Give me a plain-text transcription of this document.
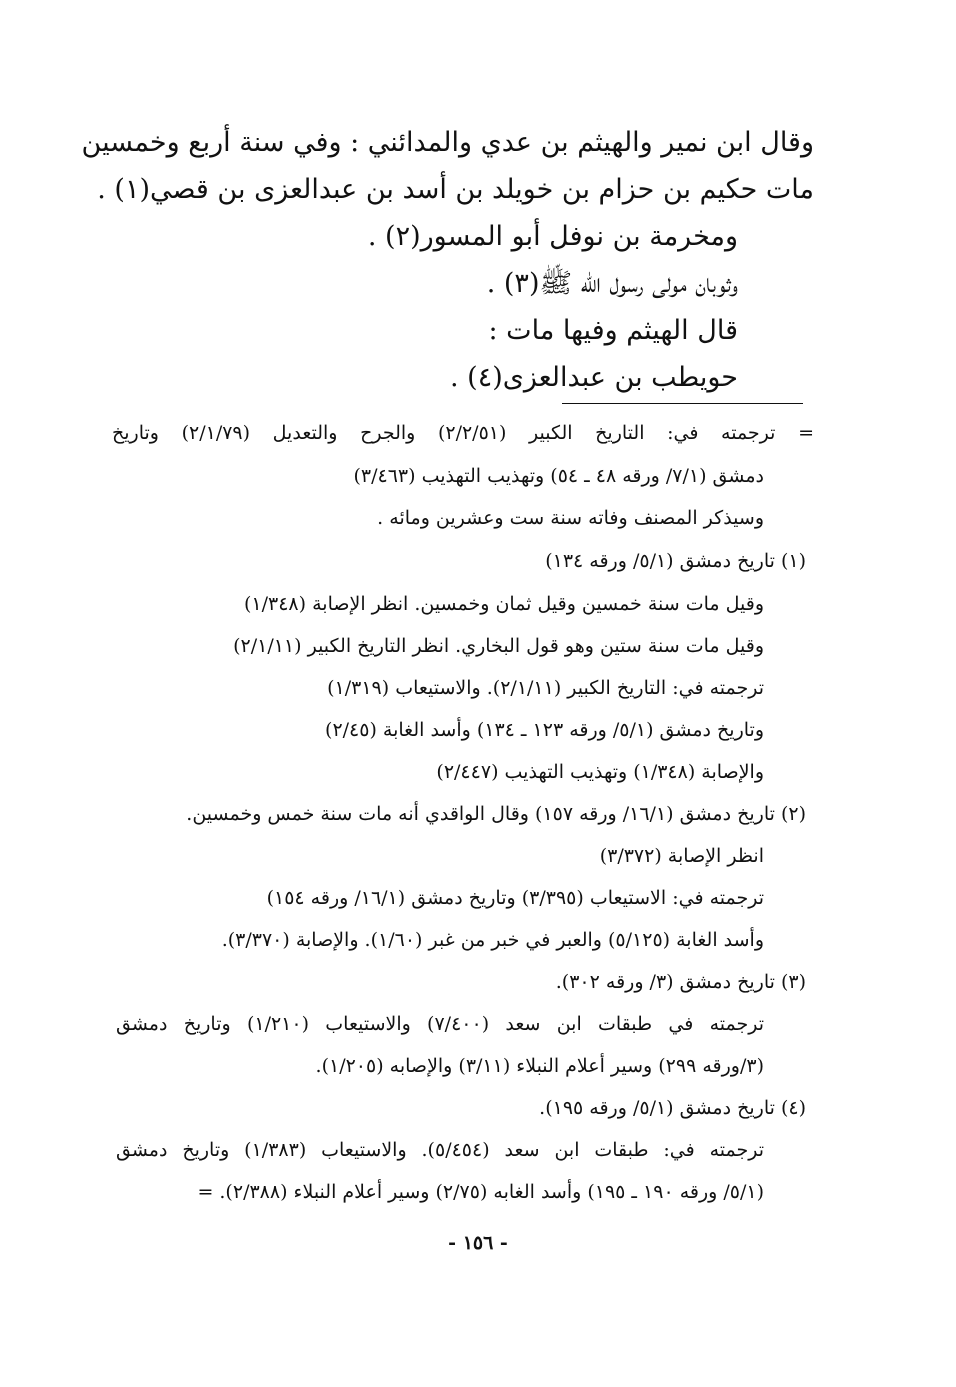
وقال ابن نمير والهيثم بن عدي والمدائني : وفي سنة أربع وخمسين
مات حكيم بن حزام بن خويلد بن أسد بن عبدالعزى بن قصي(١) .
ومخرمة بن نوفل أبو المسور(٢) .
وثوبان مولى رسول الله ﷺ(٣) .
قال الهيثم وفيها مات :
حويطب بن عبدالعزى(٤) .
= ترجمته في: التاريخ الكبير (٢/٢/٥١) والجرح والتعديل (٢/١/٧٩) وتاريخ
دمشق (٧/١/ ورقه ٤٨ ـ ٥٤) وتهذيب التهذيب (٣/٤٦٣)
وسيذكر المصنف وفاته سنة ست وعشرين ومائه .
(١) تاريخ دمشق (٥/١/ ورقه ١٣٤)
وقيل مات سنة خمسين وقيل ثمان وخمسين. انظر الإصابة (١/٣٤٨)
وقيل مات سنة ستين وهو قول البخاري. انظر التاريخ الكبير (٢/١/١١)
ترجمته في: التاريخ الكبير (٢/١/١١). والاستيعاب (١/٣١٩)
وتاريخ دمشق (٥/١/ ورقه ١٢٣ ـ ١٣٤) وأسد الغابة (٢/٤٥)
والإصابة (١/٣٤٨) وتهذيب التهذيب (٢/٤٤٧)
(٢) تاريخ دمشق (١٦/١/ ورقه ١٥٧) وقال الواقدي أنه مات سنة خمس وخمسين.
انظر الإصابة (٣/٣٧٢)
ترجمته في: الاستيعاب (٣/٣٩٥) وتاريخ دمشق (١٦/١/ ورقه ١٥٤)
وأسد الغابة (٥/١٢٥) والعبر في خبر من غبر (١/٦٠). والإصابة (٣/٣٧٠).
(٣) تاريخ دمشق (٣/ ورقه ٣٠٢).
ترجمته في طبقات ابن سعد (٧/٤٠٠) والاستيعاب (١/٢١٠) وتاريخ دمشق
(٣/ورقه ٢٩٩) وسير أعلام النبلاء (٣/١١) والإصابه (١/٢٠٥).
(٤) تاريخ دمشق (٥/١/ ورقه ١٩٥).
ترجمته في: طبقات ابن سعد (٥/٤٥٤). والاستيعاب (١/٣٨٣) وتاريخ دمشق
(٥/١/ ورقه ١٩٠ ـ ١٩٥) وأسد الغابه (٢/٧٥) وسير أعلام النبلاء (٢/٣٨٨). =
- ١٥٦ -
